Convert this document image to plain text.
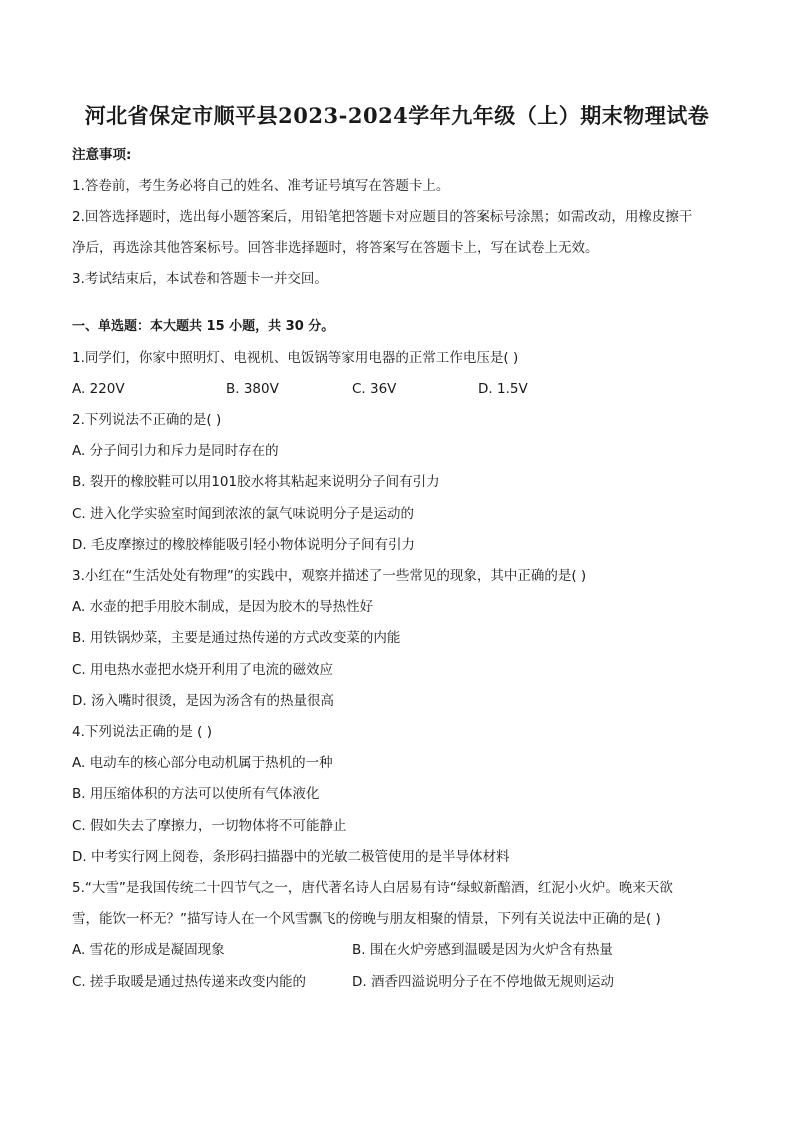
河北省保定市顺平县2023-2024学年九年级（上）期末物理试卷
注意事项:
1.答卷前，考生务必将自己的姓名、准考证号填写在答题卡上。
2.回答选择题时，选出每小题答案后，用铅笔把答题卡对应题目的答案标号涂黑；如需改动，用橡皮擦干
净后，再选涂其他答案标号。回答非选择题时，将答案写在答题卡上，写在试卷上无效。
3.考试结束后，本试卷和答题卡一并交回。
一、单选题：本大题共 15 小题，共 30 分。
1.同学们，你家中照明灯、电视机、电饭锅等家用电器的正常工作电压是( )
A. 220V	B. 380V	C. 36V	D. 1.5V
2.下列说法不正确的是( )
A. 分子间引力和斥力是同时存在的
B. 裂开的橡胶鞋可以用101胶水将其粘起来说明分子间有引力
C. 进入化学实验室时闻到浓浓的氯气味说明分子是运动的
D. 毛皮摩擦过的橡胶棒能吸引轻小物体说明分子间有引力
3.小红在“生活处处有物理”的实践中，观察并描述了一些常见的现象，其中正确的是( )
A. 水壶的把手用胶木制成，是因为胶木的导热性好
B. 用铁锅炒菜，主要是通过热传递的方式改变菜的内能
C. 用电热水壶把水烧开利用了电流的磁效应
D. 汤入嘴时很烫，是因为汤含有的热量很高
4.下列说法正确的是 ( )
A. 电动车的核心部分电动机属于热机的一种
B. 用压缩体积的方法可以使所有气体液化
C. 假如失去了摩擦力，一切物体将不可能静止
D. 中考实行网上阅卷，条形码扫描器中的光敏二极管使用的是半导体材料
5.“大雪”是我国传统二十四节气之一，唐代著名诗人白居易有诗“绿蚁新醅酒，红泥小火炉。晚来天欲
雪，能饮一杯无？”描写诗人在一个风雪飘飞的傍晚与朋友相聚的情景，下列有关说法中正确的是( )
A. 雪花的形成是凝固现象	B. 围在火炉旁感到温暖是因为火炉含有热量
C. 搓手取暖是通过热传递来改变内能的	D. 酒香四溢说明分子在不停地做无规则运动
